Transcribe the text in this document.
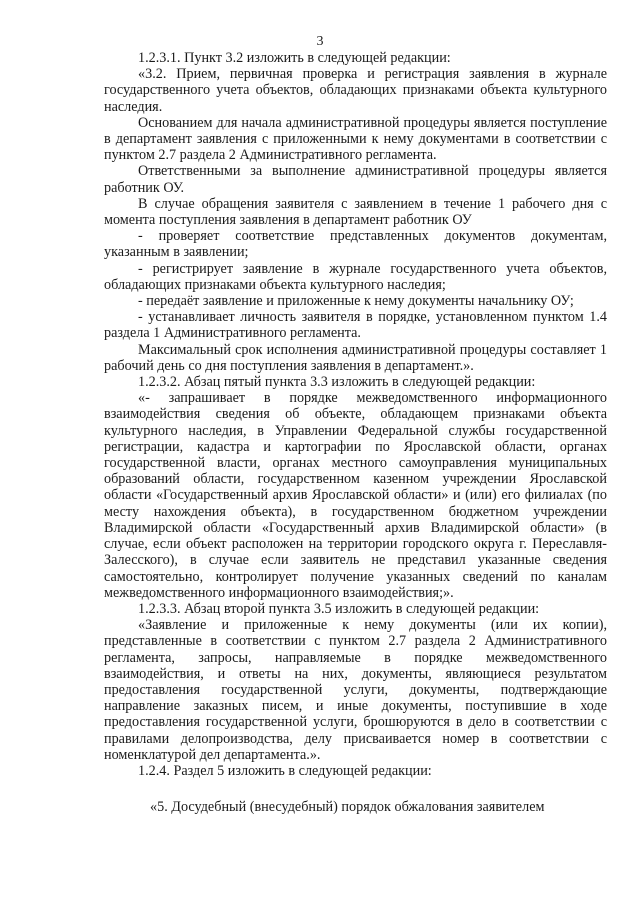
3

1.2.3.1. Пункт 3.2 изложить в следующей редакции:

«3.2. Прием, первичная проверка и регистрация заявления в журнале государственного учета объектов, обладающих признаками объекта культурного наследия.

Основанием для начала административной процедуры является поступление в департамент заявления с приложенными к нему документами в соответствии с пунктом 2.7 раздела 2 Административного регламента.

Ответственными за выполнение административной процедуры является работник ОУ.

В случае обращения заявителя с заявлением в течение 1 рабочего дня с момента поступления заявления в департамент работник ОУ

- проверяет соответствие представленных документов документам, указанным в заявлении;

- регистрирует заявление в журнале государственного учета объектов, обладающих признаками объекта культурного наследия;

- передаёт заявление и приложенные к нему документы начальнику ОУ;

- устанавливает личность заявителя в порядке, установленном пунктом 1.4 раздела 1 Административного регламента.

Максимальный срок исполнения административной процедуры составляет 1 рабочий день со дня поступления заявления в департамент.».

1.2.3.2. Абзац пятый пункта 3.3 изложить в следующей редакции:

«- запрашивает в порядке межведомственного информационного взаимодействия сведения об объекте, обладающем признаками объекта культурного наследия, в Управлении Федеральной службы государственной регистрации, кадастра и картографии по Ярославской области, органах государственной власти, органах местного самоуправления муниципальных образований области, государственном казенном учреждении Ярославской области «Государственный архив Ярославской области» и (или) его филиалах (по месту нахождения объекта), в государственном бюджетном учреждении Владимирской области «Государственный архив Владимирской области» (в случае, если объект расположен на территории городского округа г. Переславля-Залесского), в случае если заявитель не представил указанные сведения самостоятельно, контролирует получение указанных сведений по каналам межведомственного информационного взаимодействия;».

1.2.3.3. Абзац второй пункта 3.5 изложить в следующей редакции:

«Заявление и приложенные к нему документы (или их копии), представленные в соответствии с пунктом 2.7 раздела 2 Административного регламента, запросы, направляемые в порядке межведомственного взаимодействия, и ответы на них, документы, являющиеся результатом предоставления государственной услуги, документы, подтверждающие направление заказных писем, и иные документы, поступившие в ходе предоставления государственной услуги, брошюруются в дело в соответствии с правилами делопроизводства, делу присваивается номер в соответствии с номенклатурой дел департамента.».

1.2.4. Раздел 5 изложить в следующей редакции:

«5. Досудебный (внесудебный) порядок обжалования заявителем
